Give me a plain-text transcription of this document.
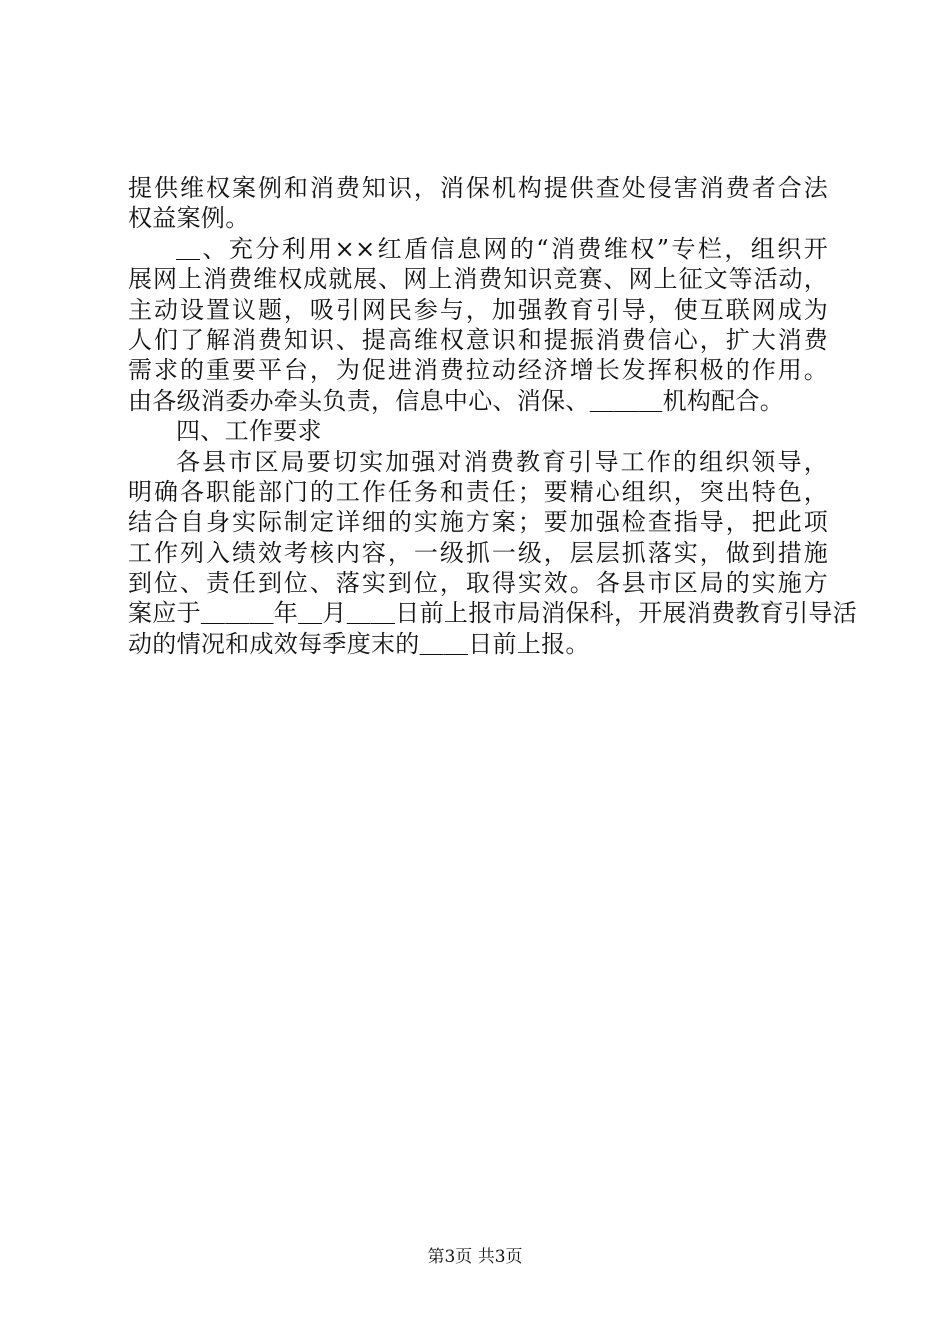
提供维权案例和消费知识，消保机构提供查处侵害消费者合法
权益案例。
＿、充分利用××红盾信息网的“消费维权”专栏，组织开
展网上消费维权成就展、网上消费知识竞赛、网上征文等活动，
主动设置议题，吸引网民参与，加强教育引导，使互联网成为
人们了解消费知识、提高维权意识和提振消费信心，扩大消费
需求的重要平台，为促进消费拉动经济增长发挥积极的作用。
由各级消委办牵头负责，信息中心、消保、＿＿＿机构配合。
四、工作要求
各县市区局要切实加强对消费教育引导工作的组织领导，
明确各职能部门的工作任务和责任；要精心组织，突出特色，
结合自身实际制定详细的实施方案；要加强检查指导，把此项
工作列入绩效考核内容，一级抓一级，层层抓落实，做到措施
到位、责任到位、落实到位，取得实效。各县市区局的实施方
案应于＿＿＿年＿月＿＿日前上报市局消保科，开展消费教育引导活
动的情况和成效每季度末的＿＿日前上报。
第3页 共3页
